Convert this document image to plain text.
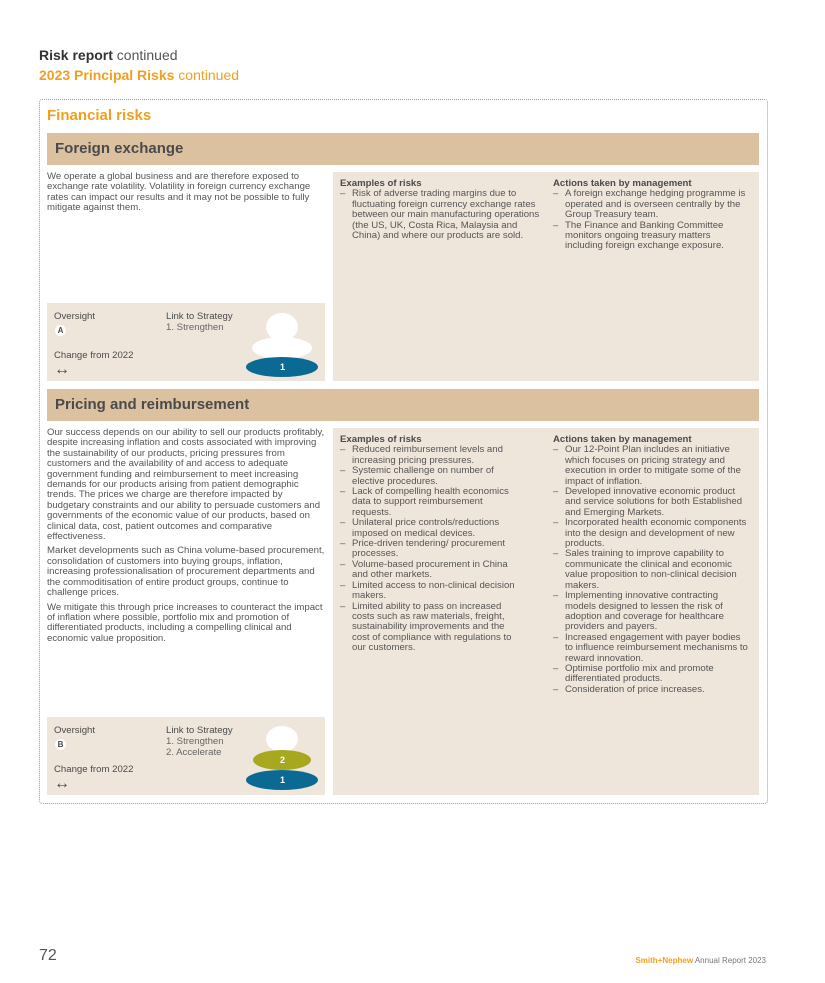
Risk report continued
2023 Principal Risks continued
Financial risks
Foreign exchange

We operate a global business and are therefore exposed to exchange rate volatility. Volatility in foreign currency exchange rates can impact our results and it may not be possible to fully mitigate against them.

Oversight
A
Link to Strategy
1. Strengthen
Change from 2022
↔	1
Examples of risks
– Risk of adverse trading margins due to fluctuating foreign currency exchange rates between our main manufacturing operations (the US, UK, Costa Rica, Malaysia and China) and where our products are sold.
Actions taken by management
– A foreign exchange hedging programme is operated and is overseen centrally by the Group Treasury team.
– The Finance and Banking Committee monitors ongoing treasury matters including foreign exchange exposure.
Pricing and reimbursement

Our success depends on our ability to sell our products profitably, despite increasing inflation and costs associated with improving the sustainability of our products, pricing pressures from customers and the availability of and access to adequate government funding and reimbursement to meet increasing demands for our products arising from patient demographic trends. The prices we charge are therefore impacted by budgetary constraints and our ability to persuade customers and governments of the economic value of our products, based on clinical data, cost, patient outcomes and comparative effectiveness.

Market developments such as China volume-based procurement, consolidation of customers into buying groups, inflation, increasing professionalisation of procurement departments and the commoditisation of entire product groups, continue to challenge prices.

We mitigate this through price increases to counteract the impact of inflation where possible, portfolio mix and promotion of differentiated products, including a compelling clinical and economic value proposition.

Oversight
B
Link to Strategy
1. Strengthen
2. Accelerate
Change from 2022
↔
2
1
Examples of risks
– Reduced reimbursement levels and increasing pricing pressures.
– Systemic challenge on number of elective procedures.
– Lack of compelling health economics data to support reimbursement requests.
– Unilateral price controls/reductions imposed on medical devices.
– Price-driven tendering/ procurement processes.
– Volume-based procurement in China and other markets.
– Limited access to non-clinical decision makers.
– Limited ability to pass on increased costs such as raw materials, freight, sustainability improvements and the cost of compliance with regulations to our customers.
Actions taken by management
– Our 12-Point Plan includes an initiative which focuses on pricing strategy and execution in order to mitigate some of the impact of inflation.
– Developed innovative economic product and service solutions for both Established and Emerging Markets.
– Incorporated health economic components into the design and development of new products.
– Sales training to improve capability to communicate the clinical and economic value proposition to non-clinical decision makers.
– Implementing innovative contracting models designed to lessen the risk of adoption and coverage for healthcare providers and payers.
– Increased engagement with payer bodies to influence reimbursement mechanisms to reward innovation.
– Optimise portfolio mix and promote differentiated products.
– Consideration of price increases.
72	Smith+Nephew Annual Report 2023
